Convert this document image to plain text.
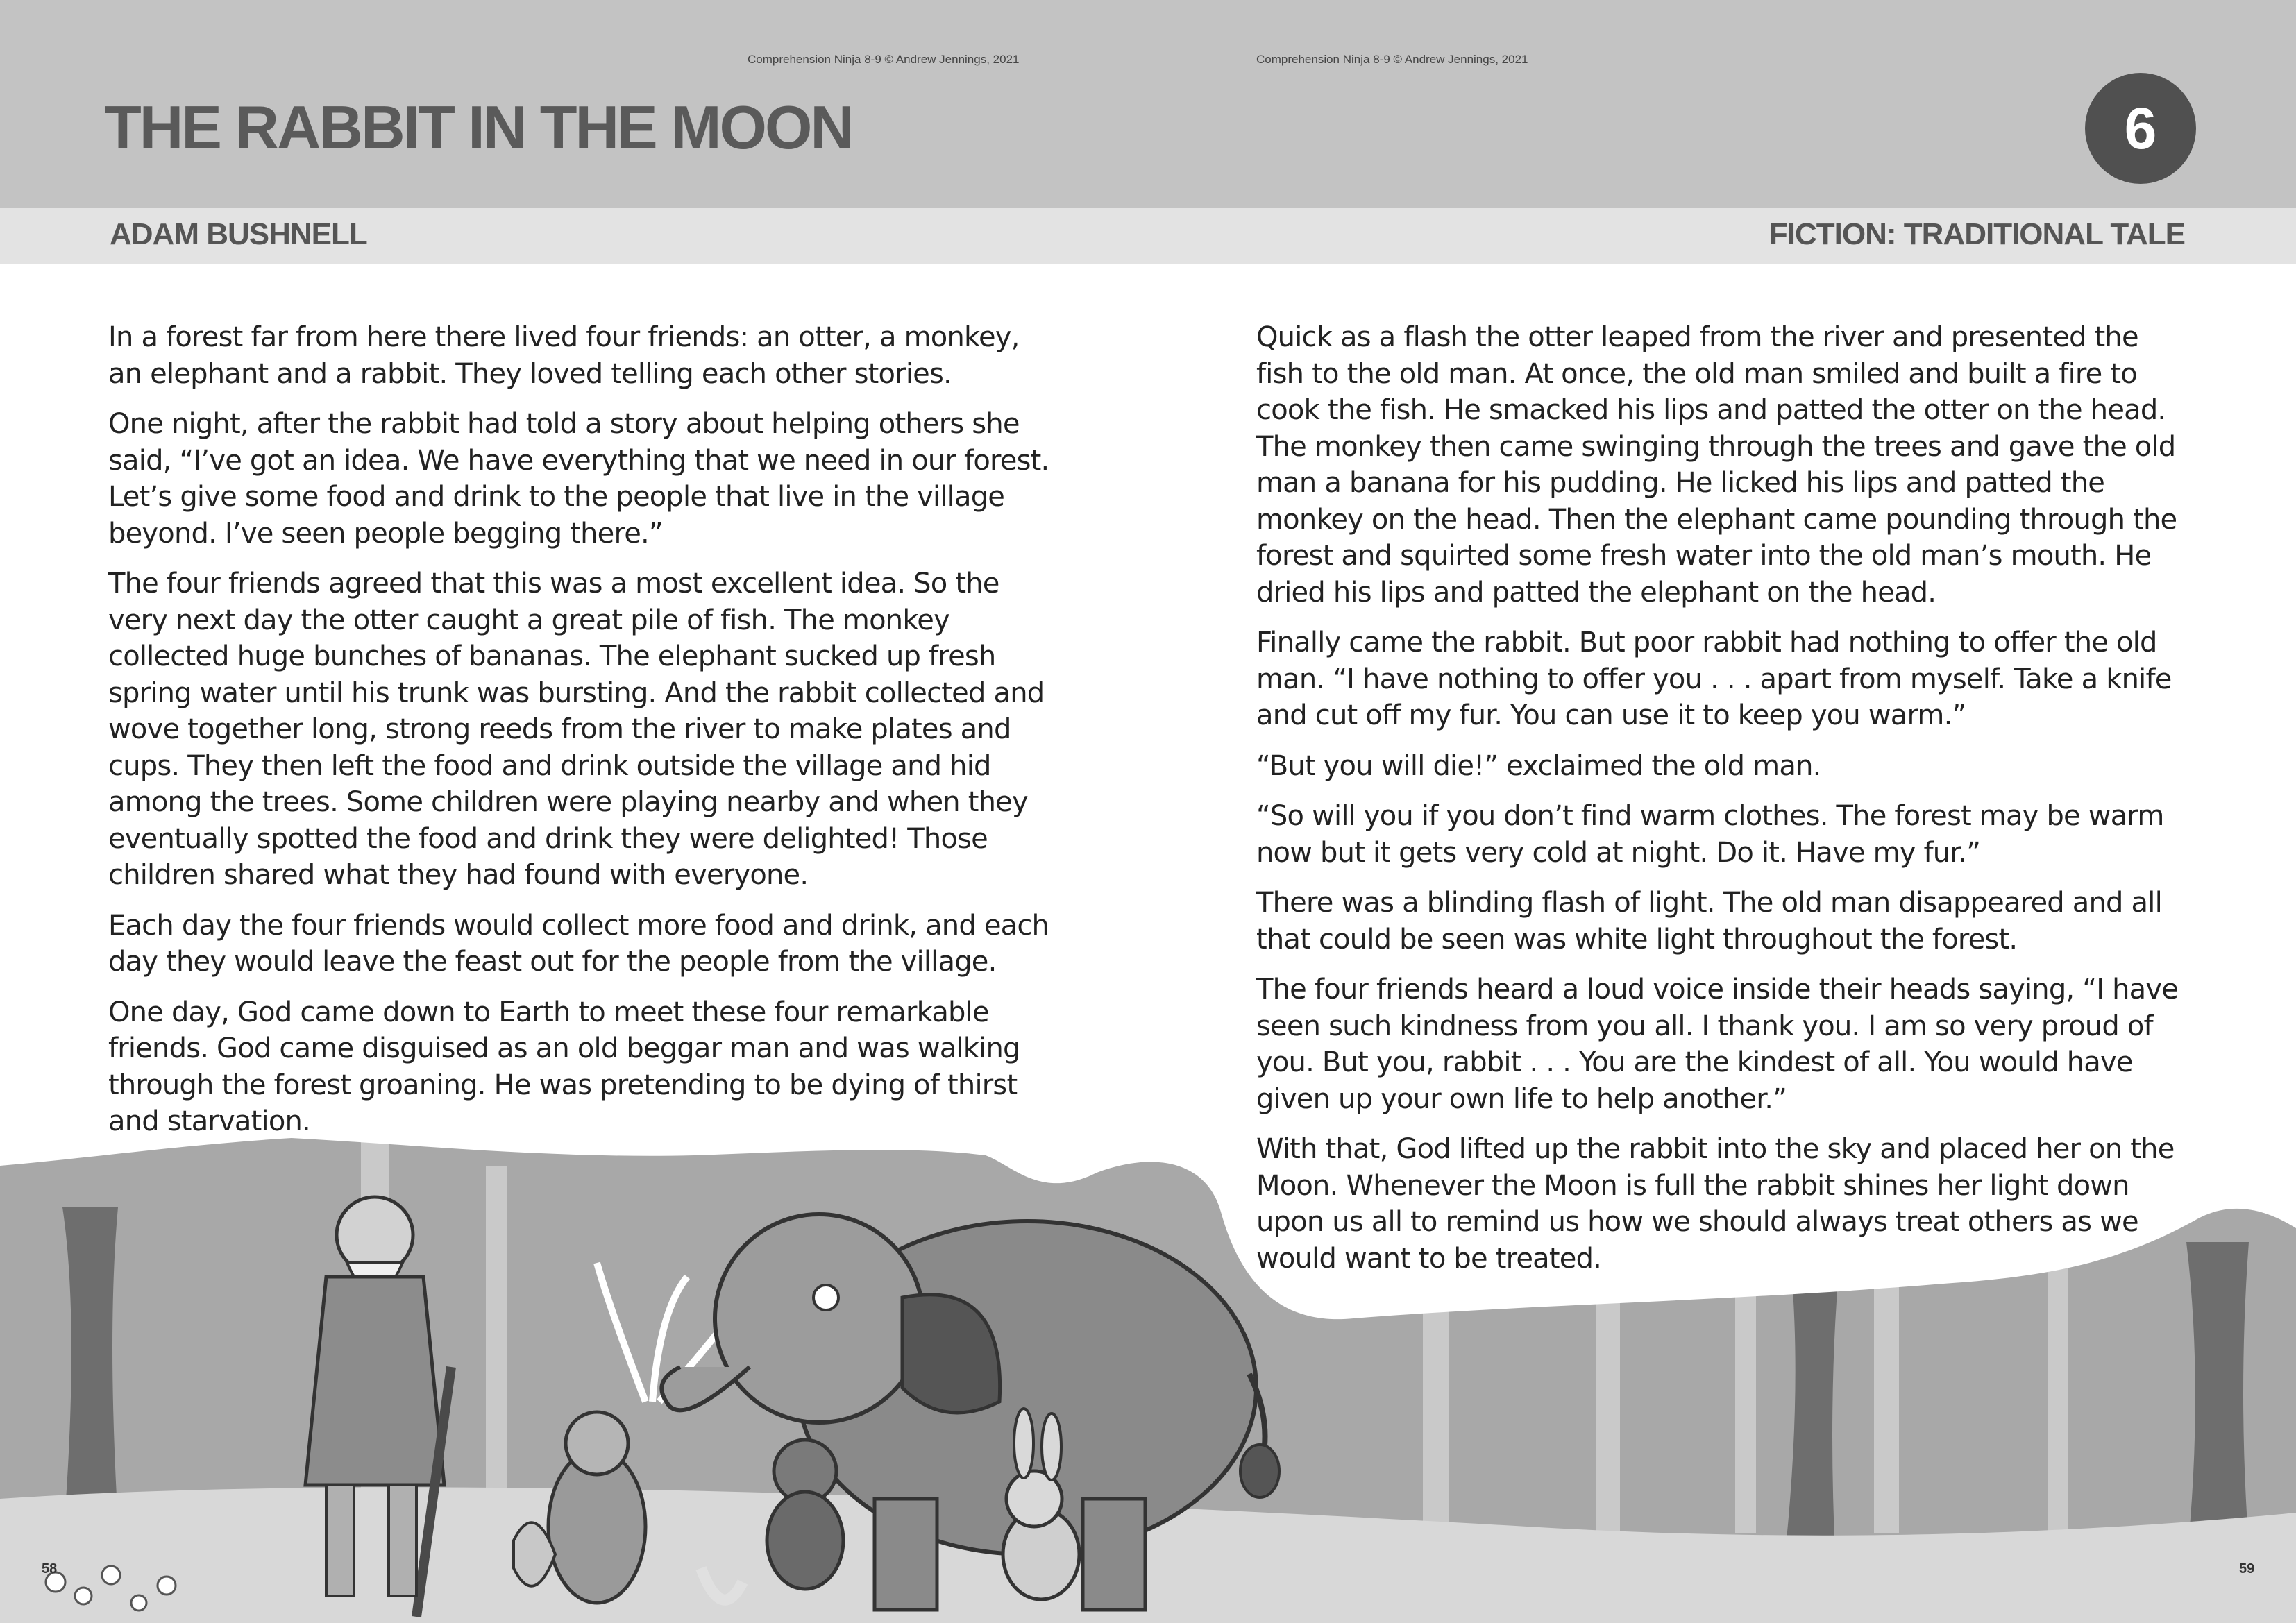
Comprehension Ninja 8-9 © Andrew Jennings, 2021	Comprehension Ninja 8-9 © Andrew Jennings, 2021
THE RABBIT IN THE MOON	6
ADAM BUSHNELL	FICTION: TRADITIONAL TALE

In a forest far from here there lived four friends: an otter, a monkey, an elephant and a rabbit. They loved telling each other stories.

One night, after the rabbit had told a story about helping others she said, “I’ve got an idea. We have everything that we need in our forest. Let’s give some food and drink to the people that live in the village beyond. I’ve seen people begging there.”

The four friends agreed that this was a most excellent idea. So the very next day the otter caught a great pile of fish. The monkey collected huge bunches of bananas. The elephant sucked up fresh spring water until his trunk was bursting. And the rabbit collected and wove together long, strong reeds from the river to make plates and cups. They then left the food and drink outside the village and hid among the trees. Some children were playing nearby and when they eventually spotted the food and drink they were delighted! Those children shared what they had found with everyone.

Each day the four friends would collect more food and drink, and each day they would leave the feast out for the people from the village.

One day, God came down to Earth to meet these four remarkable friends. God came disguised as an old beggar man and was walking through the forest groaning. He was pretending to be dying of thirst and starvation.

Quick as a flash the otter leaped from the river and presented the fish to the old man. At once, the old man smiled and built a fire to cook the fish. He smacked his lips and patted the otter on the head. The monkey then came swinging through the trees and gave the old man a banana for his pudding. He licked his lips and patted the monkey on the head. Then the elephant came pounding through the forest and squirted some fresh water into the old man’s mouth. He dried his lips and patted the elephant on the head.

Finally came the rabbit. But poor rabbit had nothing to offer the old man. “I have nothing to offer you . . . apart from myself. Take a knife and cut off my fur. You can use it to keep you warm.”

“But you will die!” exclaimed the old man.

“So will you if you don’t find warm clothes. The forest may be warm now but it gets very cold at night. Do it. Have my fur.”

There was a blinding flash of light. The old man disappeared and all that could be seen was white light throughout the forest.

The four friends heard a loud voice inside their heads saying, “I have seen such kindness from you all. I thank you. I am so very proud of you. But you, rabbit . . . You are the kindest of all. You would have given up your own life to help another.”

With that, God lifted up the rabbit into the sky and placed her on the Moon. Whenever the Moon is full the rabbit shines her light down upon us all to remind us how we should always treat others as we would want to be treated.

58	59
